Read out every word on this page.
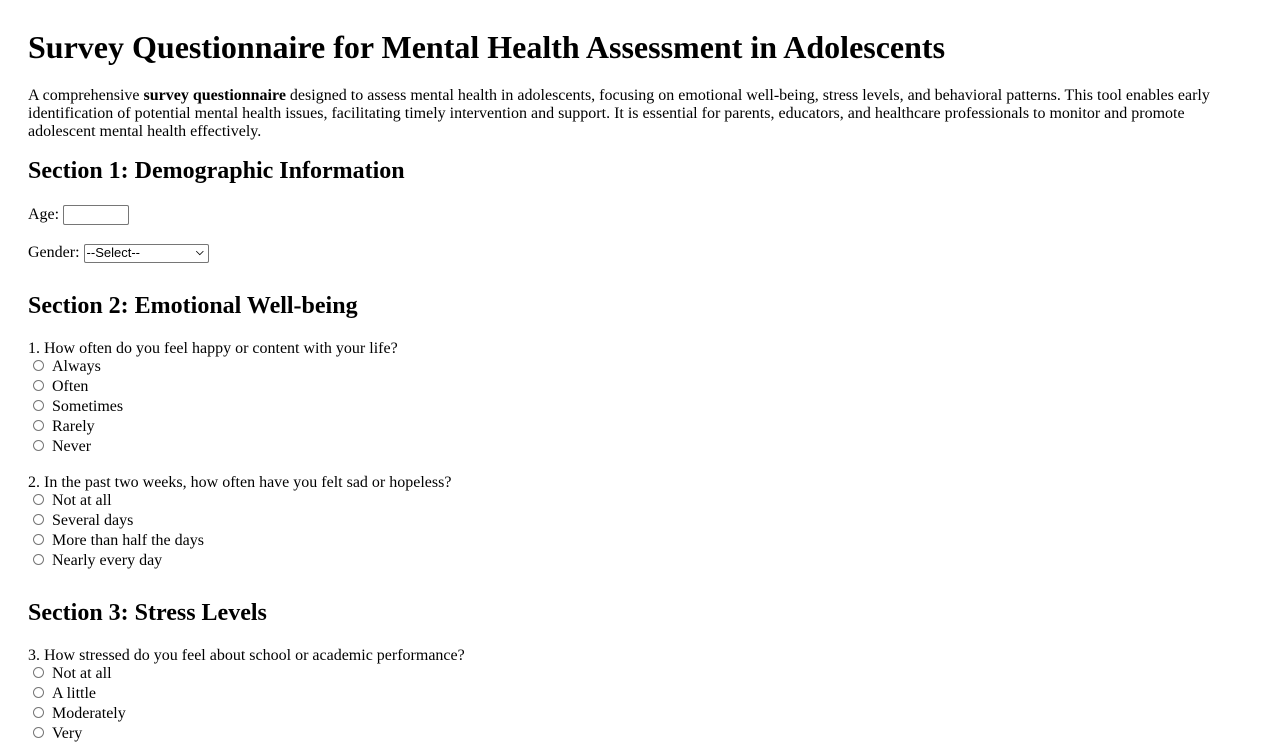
Survey Questionnaire for Mental Health Assessment in Adolescents

A comprehensive survey questionnaire designed to assess mental health in adolescents, focusing on emotional well-being, stress levels, and behavioral patterns. This tool enables early identification of potential mental health issues, facilitating timely intervention and support. It is essential for parents, educators, and healthcare professionals to monitor and promote adolescent mental health effectively.

Section 1: Demographic Information
Age:
Gender: --Select--	⌵
Section 2: Emotional Well-being
1. How often do you feel happy or content with your life?
Always
Often
Sometimes
Rarely
Never
2. In the past two weeks, how often have you felt sad or hopeless?
Not at all
Several days
More than half the days
Nearly every day
Section 3: Stress Levels
3. How stressed do you feel about school or academic performance?
Not at all
A little
Moderately
Very
